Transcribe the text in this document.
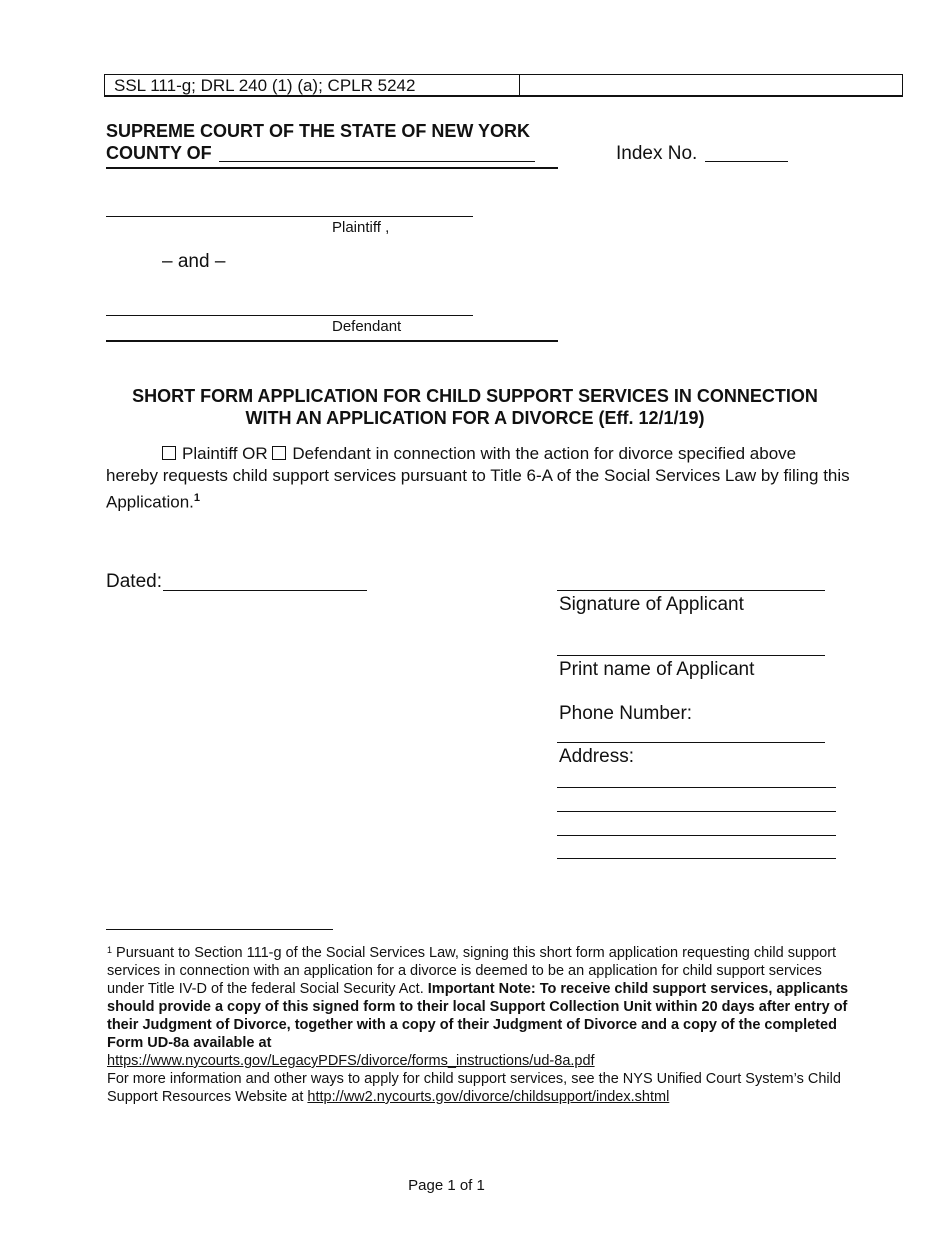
SSL 111-g; DRL 240 (1) (a); CPLR 5242
SUPREME COURT OF THE STATE OF NEW YORK
COUNTY OF	Index No.
Plaintiff ,
– and –
Defendant
SHORT FORM APPLICATION FOR CHILD SUPPORT SERVICES IN CONNECTION
WITH AN APPLICATION FOR A DIVORCE (Eff. 12/1/19)
Plaintiff OR Defendant in connection with the action for divorce specified above
hereby requests child support services pursuant to Title 6-A of the Social Services Law by filing this Application.$^1$
Dated:
Signature of Applicant
Print name of Applicant
Phone Number:
Address:
$^1$ Pursuant to Section 111-g of the Social Services Law, signing this short form application requesting child support services in connection with an application for a divorce is deemed to be an application for child support services under Title IV-D of the federal Social Security Act. Important Note: To receive child support services, applicants should provide a copy of this signed form to their local Support Collection Unit within 20 days after entry of their Judgment of Divorce, together with a copy of their Judgment of Divorce and a copy of the completed Form UD-8a available at
https://www.nycourts.gov/LegacyPDFS/divorce/forms_instructions/ud-8a.pdf
For more information and other ways to apply for child support services, see the NYS Unified Court System’s Child Support Resources Website at http://ww2.nycourts.gov/divorce/childsupport/index.shtml
Page 1 of 1
